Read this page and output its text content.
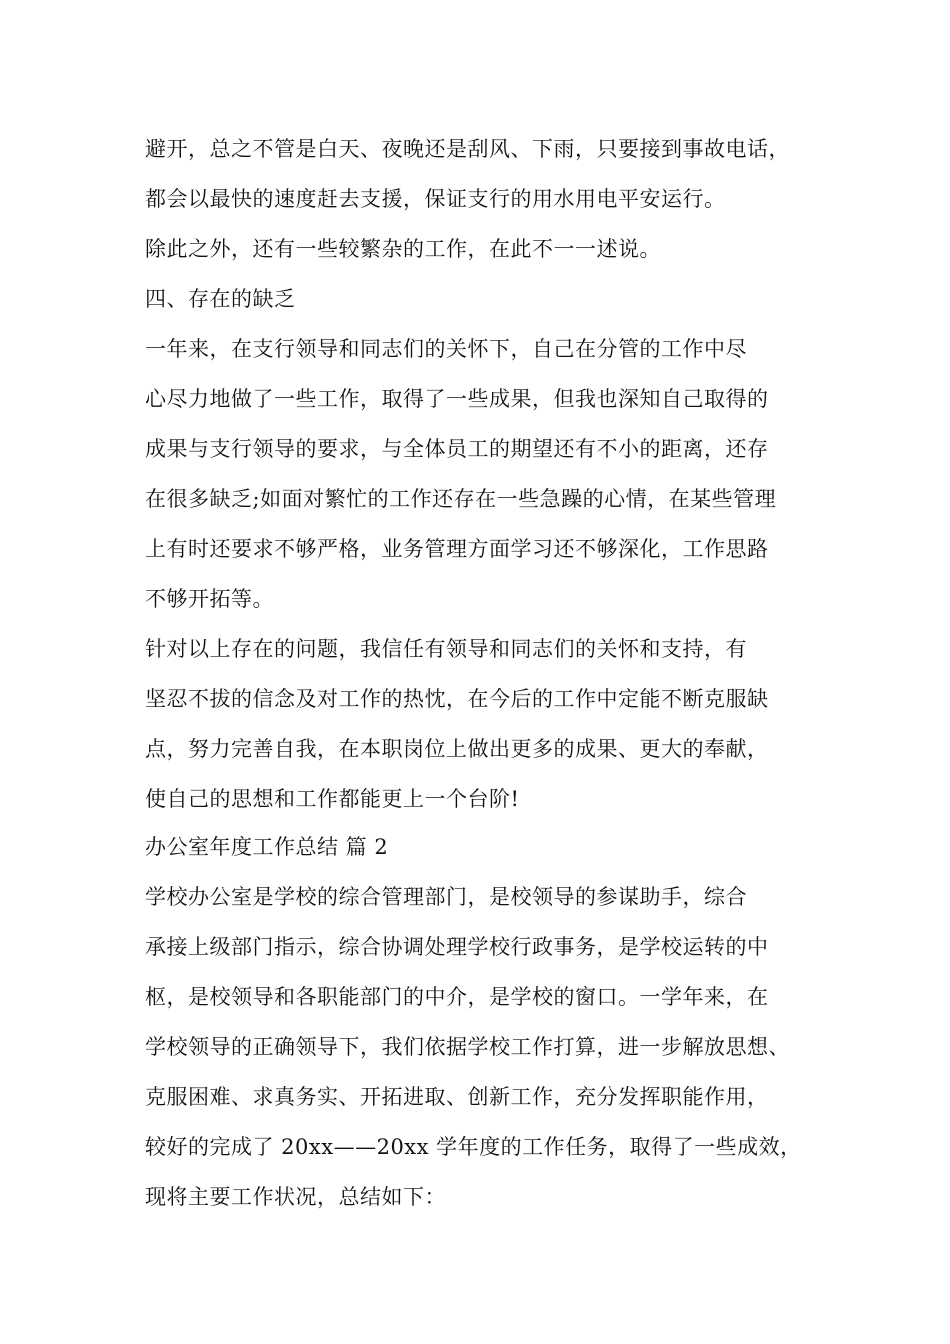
避开，总之不管是白天、夜晚还是刮风、下雨，只要接到事故电话，
都会以最快的速度赶去支援，保证支行的用水用电平安运行。
除此之外，还有一些较繁杂的工作，在此不一一述说。
四、存在的缺乏
一年来，在支行领导和同志们的关怀下，自己在分管的工作中尽
心尽力地做了一些工作，取得了一些成果，但我也深知自己取得的
成果与支行领导的要求，与全体员工的期望还有不小的距离，还存
在很多缺乏;如面对繁忙的工作还存在一些急躁的心情，在某些管理
上有时还要求不够严格，业务管理方面学习还不够深化，工作思路
不够开拓等。
针对以上存在的问题，我信任有领导和同志们的关怀和支持，有
坚忍不拔的信念及对工作的热忱，在今后的工作中定能不断克服缺
点，努力完善自我，在本职岗位上做出更多的成果、更大的奉献，
使自己的思想和工作都能更上一个台阶!
办公室年度工作总结 篇 2
学校办公室是学校的综合管理部门，是校领导的参谋助手，综合
承接上级部门指示，综合协调处理学校行政事务，是学校运转的中
枢，是校领导和各职能部门的中介，是学校的窗口。一学年来，在
学校领导的正确领导下，我们依据学校工作打算，进一步解放思想、
克服困难、求真务实、开拓进取、创新工作，充分发挥职能作用，
较好的完成了 20xx——20xx 学年度的工作任务，取得了一些成效，
现将主要工作状况，总结如下：
